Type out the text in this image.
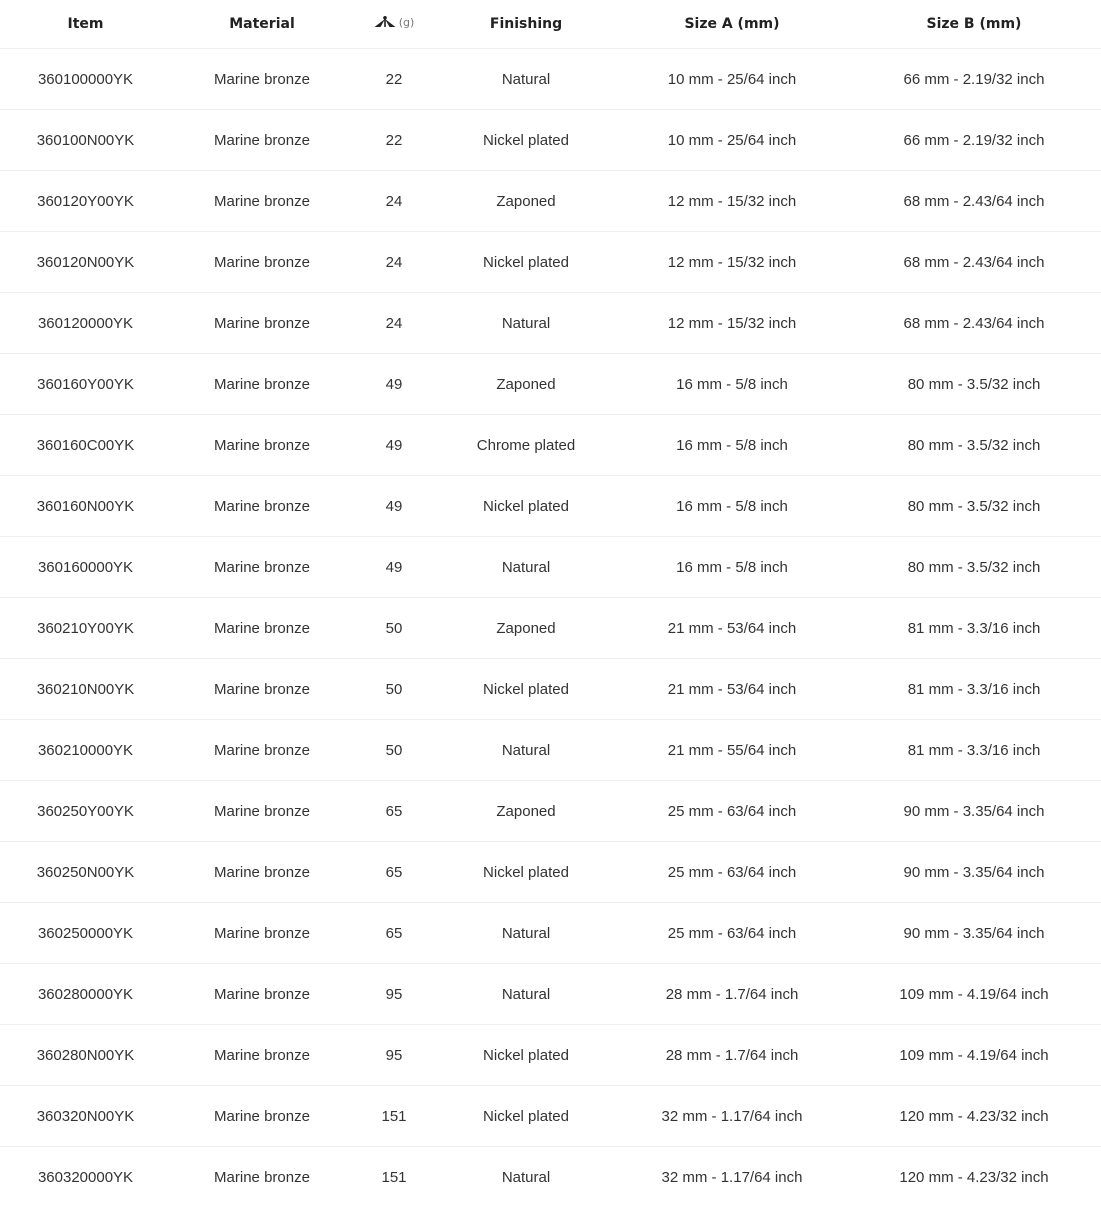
Item	Material	(g)	Finishing	Size A (mm)	Size B (mm)
360100000YK	Marine bronze	22	Natural	10 mm - 25/64 inch	66 mm - 2.19/32 inch
360100N00YK	Marine bronze	22	Nickel plated	10 mm - 25/64 inch	66 mm - 2.19/32 inch
360120Y00YK	Marine bronze	24	Zaponed	12 mm - 15/32 inch	68 mm - 2.43/64 inch
360120N00YK	Marine bronze	24	Nickel plated	12 mm - 15/32 inch	68 mm - 2.43/64 inch
360120000YK	Marine bronze	24	Natural	12 mm - 15/32 inch	68 mm - 2.43/64 inch
360160Y00YK	Marine bronze	49	Zaponed	16 mm - 5/8 inch	80 mm - 3.5/32 inch
360160C00YK	Marine bronze	49	Chrome plated	16 mm - 5/8 inch	80 mm - 3.5/32 inch
360160N00YK	Marine bronze	49	Nickel plated	16 mm - 5/8 inch	80 mm - 3.5/32 inch
360160000YK	Marine bronze	49	Natural	16 mm - 5/8 inch	80 mm - 3.5/32 inch
360210Y00YK	Marine bronze	50	Zaponed	21 mm - 53/64 inch	81 mm - 3.3/16 inch
360210N00YK	Marine bronze	50	Nickel plated	21 mm - 53/64 inch	81 mm - 3.3/16 inch
360210000YK	Marine bronze	50	Natural	21 mm - 55/64 inch	81 mm - 3.3/16 inch
360250Y00YK	Marine bronze	65	Zaponed	25 mm - 63/64 inch	90 mm - 3.35/64 inch
360250N00YK	Marine bronze	65	Nickel plated	25 mm - 63/64 inch	90 mm - 3.35/64 inch
360250000YK	Marine bronze	65	Natural	25 mm - 63/64 inch	90 mm - 3.35/64 inch
360280000YK	Marine bronze	95	Natural	28 mm - 1.7/64 inch	109 mm - 4.19/64 inch
360280N00YK	Marine bronze	95	Nickel plated	28 mm - 1.7/64 inch	109 mm - 4.19/64 inch
360320N00YK	Marine bronze	151	Nickel plated	32 mm - 1.17/64 inch	120 mm - 4.23/32 inch
360320000YK	Marine bronze	151	Natural	32 mm - 1.17/64 inch	120 mm - 4.23/32 inch
